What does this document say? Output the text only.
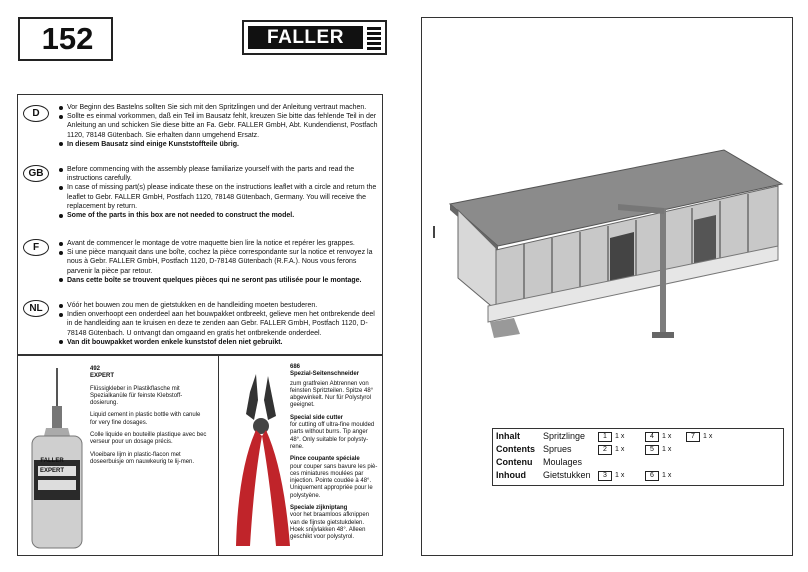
152	FALLER
D
Vor Beginn des Bastelns sollten Sie sich mit den Spritzlingen und der Anleitung vertraut machen.
Sollte es einmal vorkommen, daß ein Teil im Bausatz fehlt, kreuzen Sie bitte das fehlende Teil in der Anleitung an und schicken Sie diese bitte an Fa. Gebr. FALLER GmbH, Abt. Kundendienst, Postfach 1120, 78148 Gütenbach. Sie erhalten dann umgehend Ersatz.
In diesem Bausatz sind einige Kunststoffteile übrig.
GB	Before commencing with the assembly please familiarize yourself with the parts and read the instructions carefully.
In case of missing part(s) please indicate these on the instructions leaflet with a circle and return the leaflet to Gebr. FALLER GmbH, Postfach 1120, 78148 Gütenbach, Germany. You will receive the replacement by return.
Some of the parts in this box are not needed to construct the model.
F	Avant de commencer le montage de votre maquette bien lire la notice et repérer les grappes.
Si une pièce manquait dans une boîte, cochez la pièce correspondante sur la notice et renvoyez la nous à Gebr. FALLER GmbH, Postfach 1120, D-78148 Gütenbach (R.F.A.). Nous vous ferons parvenir la pièce par retour.
Dans cette boîte se trouvent quelques pièces qui ne seront pas utilisée pour le montage.
NL	Vóór het bouwen zou men de gietstukken en de handleiding moeten bestuderen.
Indien onverhoopt een onderdeel aan het bouwpakket ontbreekt, gelieve men het ontbrekende deel in de handleiding aan te kruisen en deze te zenden aan Gebr. FALLER GmbH, Postfach 1120, D-78148 Gütenbach. U ontvangt dan omgaand en gratis het ontbrekende onderdeel.
Van dit bouwpakket worden enkele kunststof delen niet gebruikt.
FALLER EXPERT
492
EXPERT

Flüssigkleber in Plastikflasche mit Spezialkanüle für feinste Klebstoff-dosierung.

Liquid cement in plastic bottle with canule for very fine dosages.

Colle liquide en bouteille plastique avec bec verseur pour un dosage précis.

Vloeibare lijm in plastic-flacon met doseerbuisje om nauwkeurig te lij-men.

686
Spezial-Seitenschneider

zum gratfreien Abtrennen von feinsten Spritzteilen. Spitze 48° abgewinkelt. Nur für Polystyrol geeignet.

Special side cutter

for cutting off ultra-fine moulded parts without burrs. Tip anger 48°. Only suitable for polysty-rene.

Pince coupante spéciale

pour couper sans bavure les piè-ces miniatures moulées par injection. Pointe coudée à 48°. Uniquement appropriée pour le polystyène.

Speciale zijkniptang

voor het braamloos afknippen van de fijnste gietstukdelen. Hoek snijvlakken 48°. Alleen geschikt voor polystyrol.

Inhalt	Spritzlinge	1 1 x	4 1 x	7 1 x
Contents Sprues	2 1 x	5 1 x
Contenu Moulages
Inhoud Gietstukken	3 1 x	6 1 x
